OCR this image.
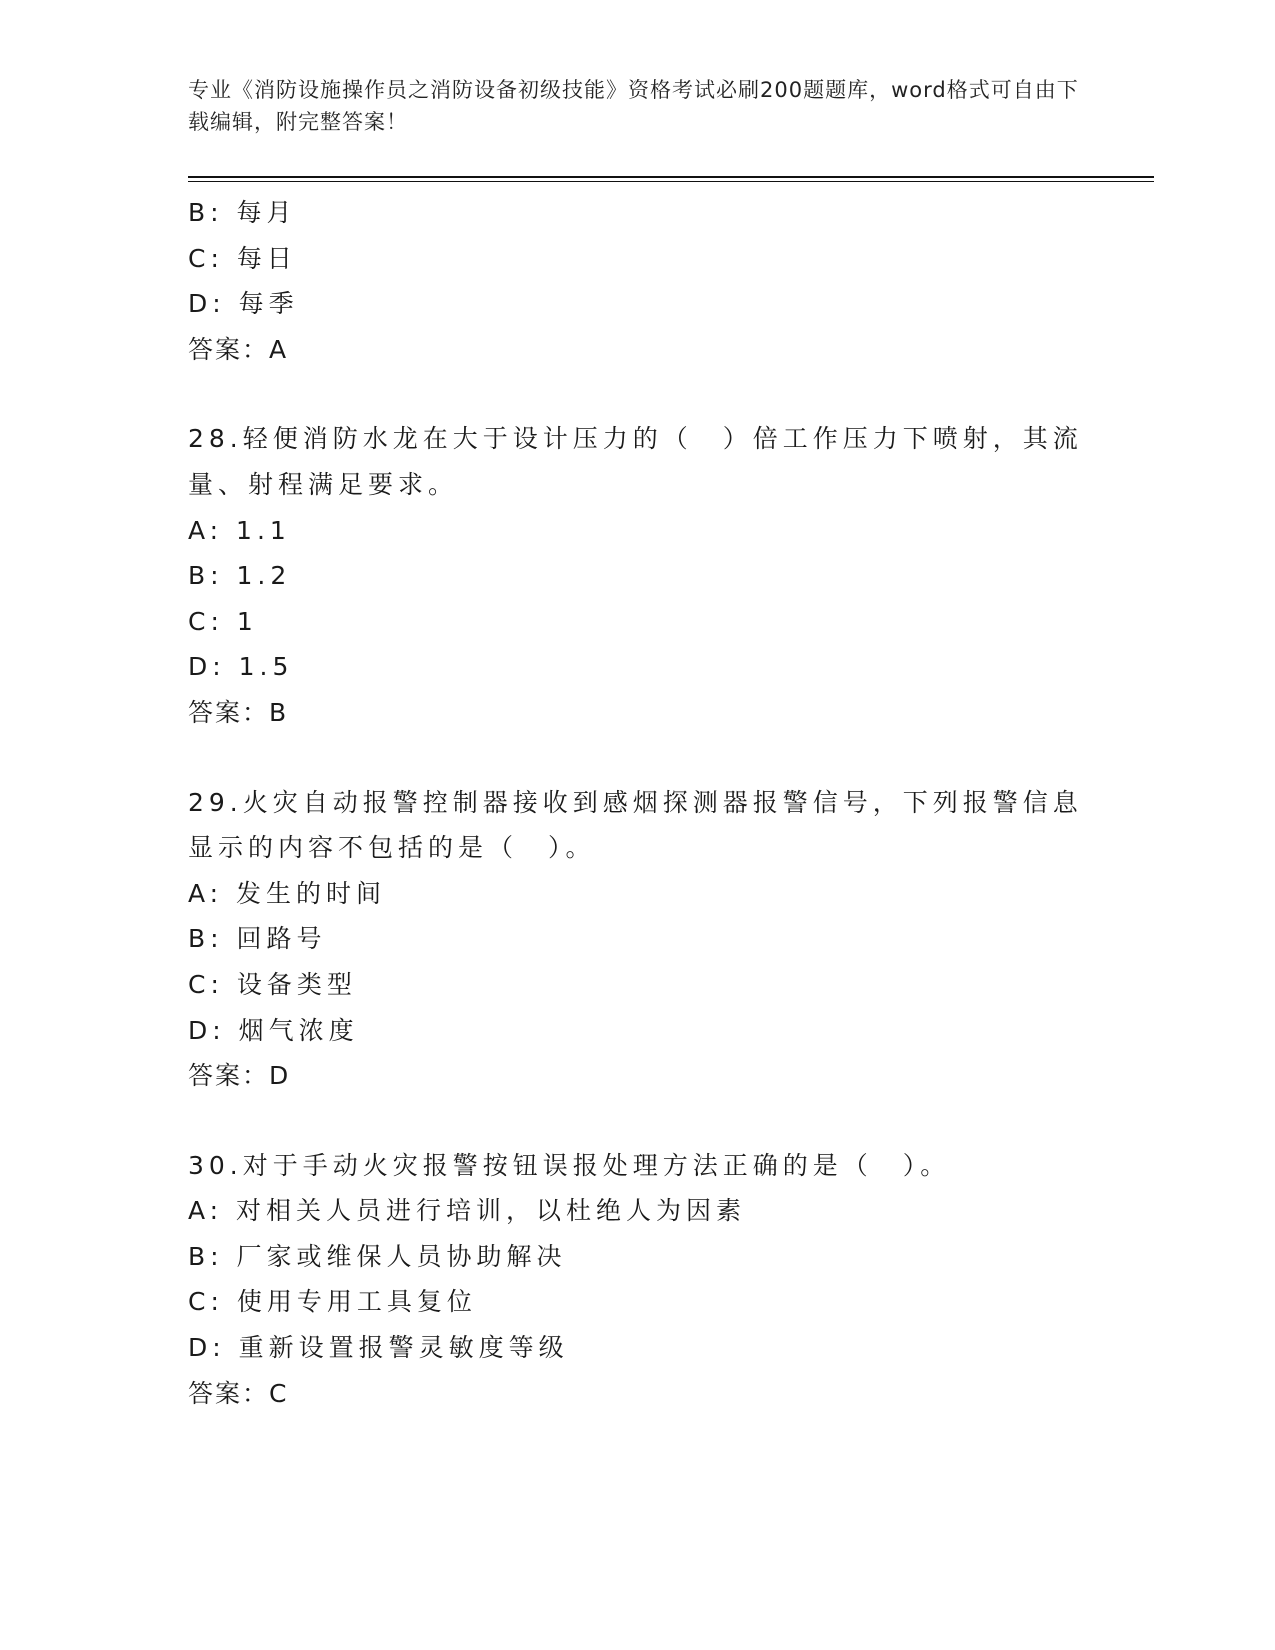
专业《消防设施操作员之消防设备初级技能》资格考试必刷200题题库，word格式可自由下载编辑，附完整答案！
B: 每月
C: 每日
D: 每季
答案：A
28.轻便消防水龙在大于设计压力的（　）倍工作压力下喷射，其流量、射程满足要求。
A: 1.1
B: 1.2
C: 1
D: 1.5
答案：B
29.火灾自动报警控制器接收到感烟探测器报警信号，下列报警信息显示的内容不包括的是（　）。
A: 发生的时间
B: 回路号
C: 设备类型
D: 烟气浓度
答案：D
30.对于手动火灾报警按钮误报处理方法正确的是（　）。
A: 对相关人员进行培训，以杜绝人为因素
B: 厂家或维保人员协助解决
C: 使用专用工具复位
D: 重新设置报警灵敏度等级
答案：C
